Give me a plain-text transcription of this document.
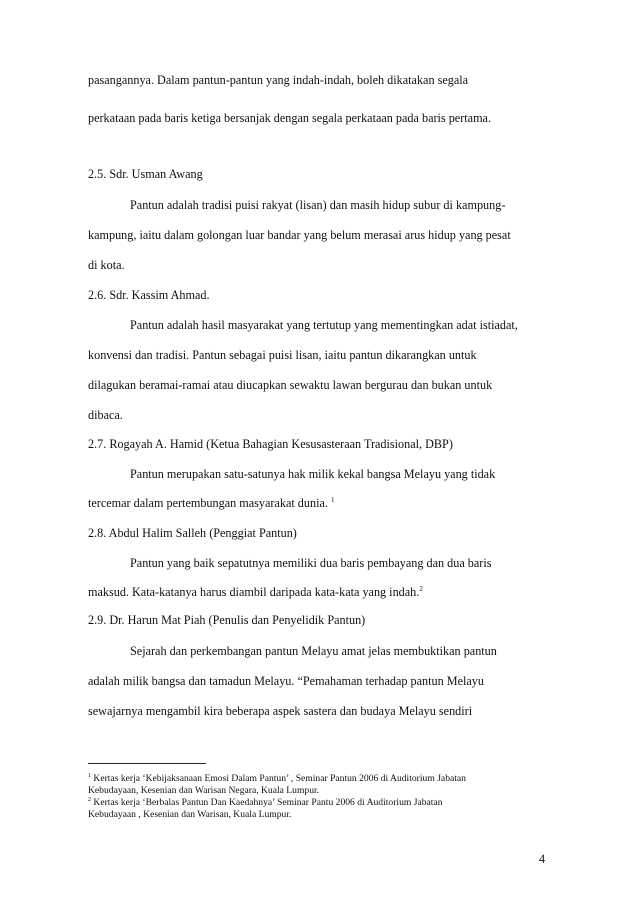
pasangannya. Dalam pantun-pantun yang indah-indah, boleh dikatakan segala
perkataan pada baris ketiga bersanjak dengan segala perkataan pada baris pertama.
2.5. Sdr. Usman Awang
Pantun adalah tradisi puisi rakyat (lisan) dan masih hidup subur di kampung-
kampung, iaitu dalam golongan luar bandar yang belum merasai arus hidup yang pesat
di kota.
2.6. Sdr. Kassim Ahmad.
Pantun adalah hasil masyarakat yang tertutup yang mementingkan adat istiadat,
konvensi dan tradisi. Pantun sebagai puisi lisan, iaitu pantun dikarangkan untuk
dilagukan beramai-ramai atau diucapkan sewaktu lawan bergurau dan bukan untuk
dibaca.
2.7. Rogayah A. Hamid (Ketua Bahagian Kesusasteraan Tradisional, DBP)
Pantun merupakan satu-satunya hak milik kekal bangsa Melayu yang tidak
tercemar dalam pertembungan masyarakat dunia. $^1$
2.8. Abdul Halim Salleh (Penggiat Pantun)
Pantun yang baik sepatutnya memiliki dua baris pembayang dan dua baris
maksud. Kata-katanya harus diambil daripada kata-kata yang indah.$^2$
2.9. Dr. Harun Mat Piah (Penulis dan Penyelidik Pantun)
Sejarah dan perkembangan pantun Melayu amat jelas membuktikan pantun
adalah milik bangsa dan tamadun Melayu. “Pemahaman terhadap pantun Melayu
sewajarnya mengambil kira beberapa aspek sastera dan budaya Melayu sendiri
$^1$ Kertas kerja ‘Kebijaksanaan Emosi Dalam Pantun’ , Seminar Pantun 2006 di Auditorium Jabatan
Kebudayaan, Kesenian dan Warisan Negara, Kuala Lumpur.
$^2$ Kertas kerja ‘Berbalas Pantun Dan Kaedahnya’ Seminar Pantu 2006 di Auditorium Jabatan
Kebudayaan , Kesenian dan Warisan, Kuala Lumpur.
4
